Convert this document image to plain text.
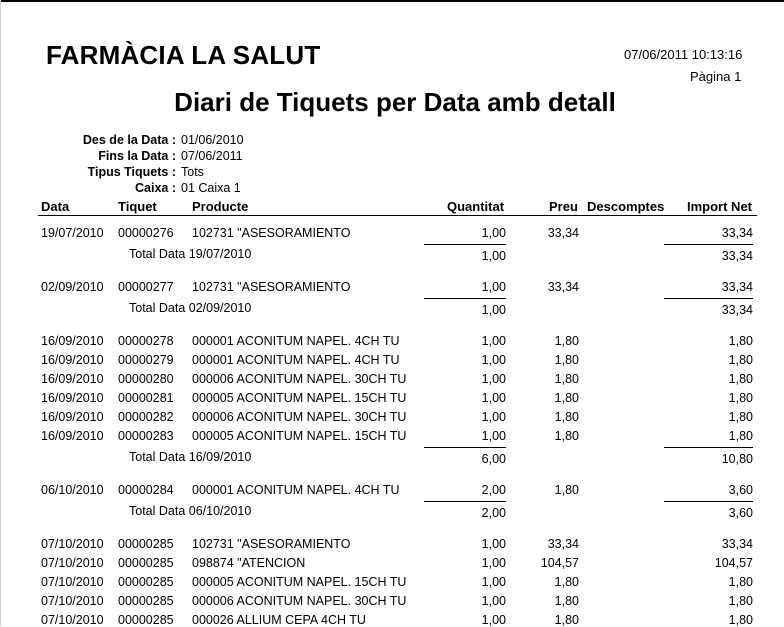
FARMÀCIA LA SALUT	07/06/2011 10:13:16
Pàgina 1
Diari de Tiquets per Data amb detall
Des de la Data : 01/06/2010
Fins la Data : 07/06/2011
Tipus Tiquets : Tots
Caixa : 01 Caixa 1
Data	Tiquet	Producte	Quantitat	Preu Descomptes Import Net
19/07/2010 00000276 102731 "ASESORAMIENTO	1,00	33,34	33,34
Total Data 19/07/2010	1,00	33,34
02/09/2010 00000277 102731 "ASESORAMIENTO	1,00	33,34	33,34
Total Data 02/09/2010	1,00	33,34
16/09/2010 00000278 000001 ACONITUM NAPEL. 4CH TU	1,00	1,80	1,80
16/09/2010 00000279 000001 ACONITUM NAPEL. 4CH TU	1,00	1,80	1,80
16/09/2010 00000280 000006 ACONITUM NAPEL. 30CH TU	1,00	1,80	1,80
16/09/2010 00000281 000005 ACONITUM NAPEL. 15CH TU	1,00	1,80	1,80
16/09/2010 00000282 000006 ACONITUM NAPEL. 30CH TU	1,00	1,80	1,80
16/09/2010 00000283 000005 ACONITUM NAPEL. 15CH TU	1,00	1,80	1,80
Total Data 16/09/2010	6,00	10,80
06/10/2010 00000284 000001 ACONITUM NAPEL. 4CH TU	2,00	1,80	3,60
Total Data 06/10/2010	2,00	3,60
07/10/2010 00000285 102731 "ASESORAMIENTO	1,00	33,34	33,34
07/10/2010 00000285 098874 "ATENCION	1,00	104,57	104,57
07/10/2010 00000285 000005 ACONITUM NAPEL. 15CH TU	1,00	1,80	1,80
07/10/2010 00000285 000006 ACONITUM NAPEL. 30CH TU	1,00	1,80	1,80
07/10/2010 00000285 000026 ALLIUM CEPA 4CH TU	1,00	1,80	1,80
